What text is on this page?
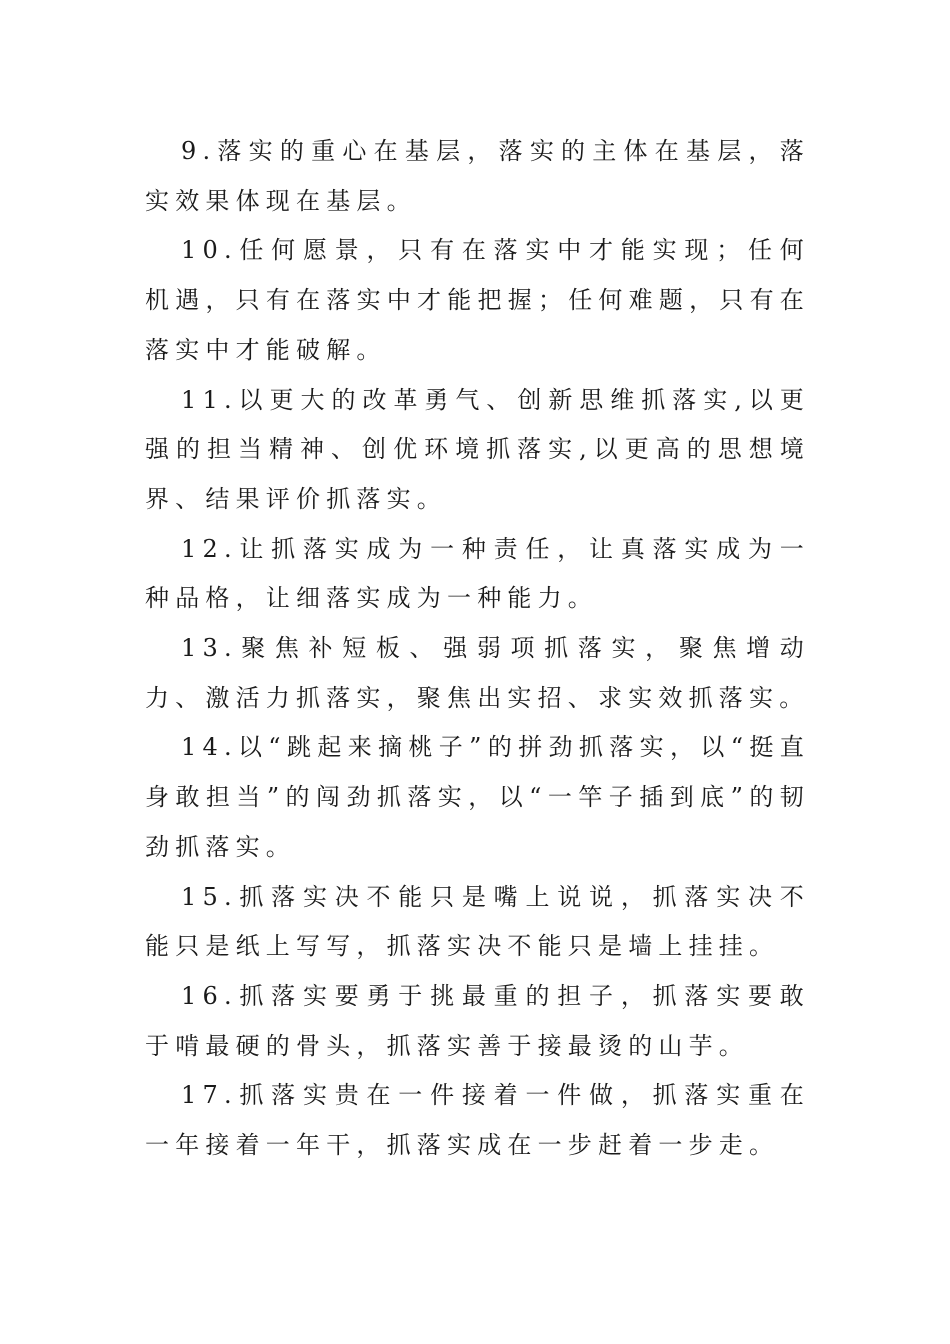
9.落实的重心在基层，落实的主体在基层，落实效果体现在基层。

10.任何愿景，只有在落实中才能实现；任何机遇，只有在落实中才能把握；任何难题，只有在落实中才能破解。

11.以更大的改革勇气、创新思维抓落实,以更强的担当精神、创优环境抓落实,以更高的思想境界、结果评价抓落实。

12.让抓落实成为一种责任，让真落实成为一种品格，让细落实成为一种能力。

13.聚焦补短板、强弱项抓落实，聚焦增动力、激活力抓落实，聚焦出实招、求实效抓落实。

14.以“跳起来摘桃子”的拼劲抓落实，以“挺直身敢担当”的闯劲抓落实，以“一竿子插到底”的韧劲抓落实。

15.抓落实决不能只是嘴上说说，抓落实决不能只是纸上写写，抓落实决不能只是墙上挂挂。

16.抓落实要勇于挑最重的担子，抓落实要敢于啃最硬的骨头，抓落实善于接最烫的山芋。

17.抓落实贵在一件接着一件做，抓落实重在一年接着一年干，抓落实成在一步赶着一步走。
